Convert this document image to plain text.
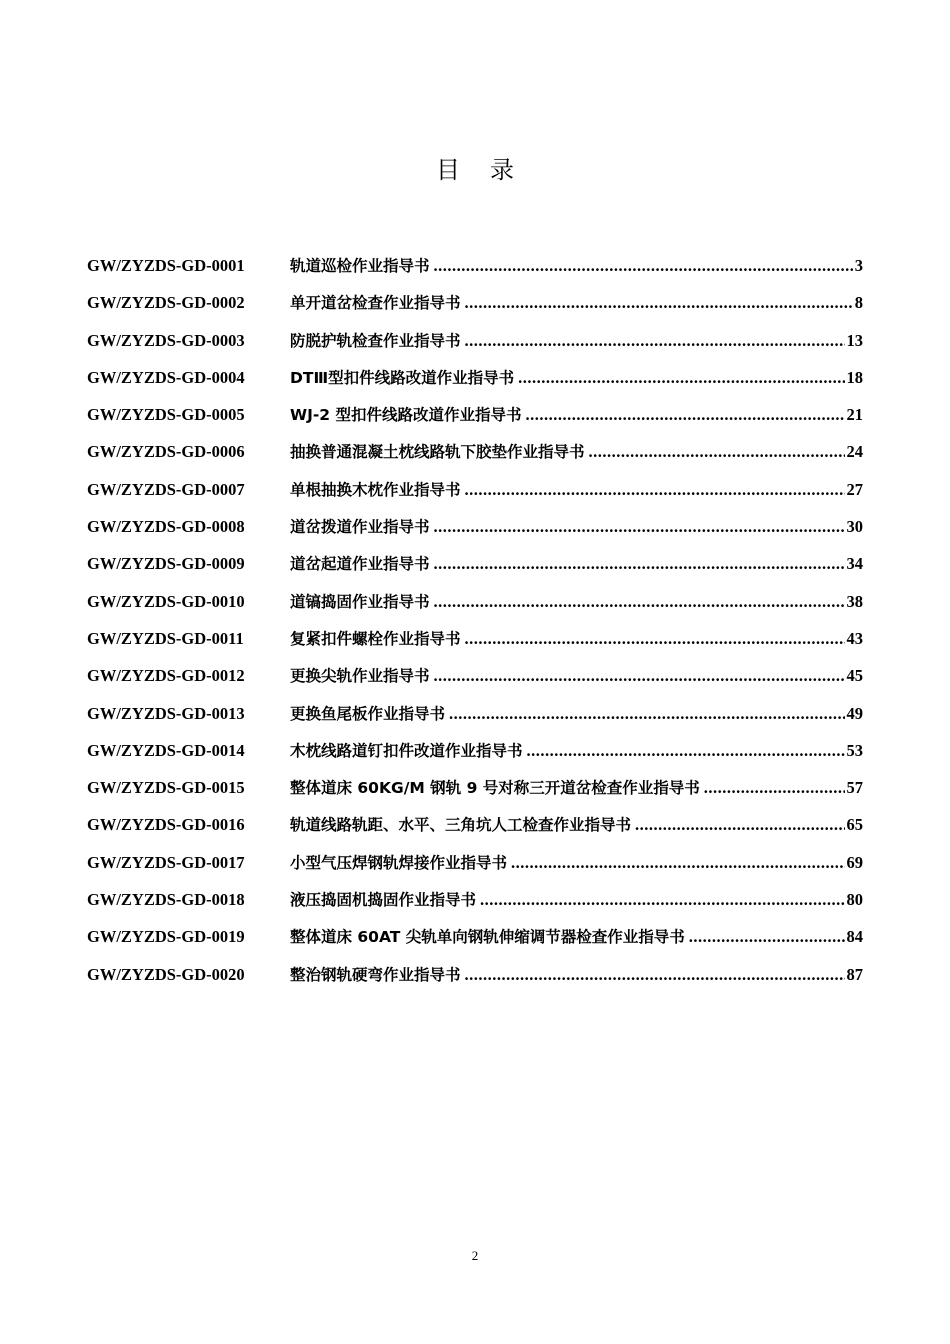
目 录
GW/ZYZDS-GD-0001	轨道巡检作业指导书 .....	3
GW/ZYZDS-GD-0002	单开道岔检查作业指导书 .....	8
GW/ZYZDS-GD-0003	防脱护轨检查作业指导书 .....	13
GW/ZYZDS-GD-0004	DTⅢ型扣件线路改道作业指导书 .....	18
GW/ZYZDS-GD-0005	WJ-2 型扣件线路改道作业指导书 .....	21
GW/ZYZDS-GD-0006	抽换普通混凝土枕线路轨下胶垫作业指导书 .....	24
GW/ZYZDS-GD-0007	单根抽换木枕作业指导书 .....	27
GW/ZYZDS-GD-0008	道岔拨道作业指导书 .....	30
GW/ZYZDS-GD-0009	道岔起道作业指导书 .....	34
GW/ZYZDS-GD-0010	道镐捣固作业指导书 .....	38
GW/ZYZDS-GD-0011	复紧扣件螺栓作业指导书 .....	43
GW/ZYZDS-GD-0012	更换尖轨作业指导书 .....	45
GW/ZYZDS-GD-0013	更换鱼尾板作业指导书 .....	49
GW/ZYZDS-GD-0014	木枕线路道钉扣件改道作业指导书 .....	53
GW/ZYZDS-GD-0015	整体道床 60KG/M 钢轨 9 号对称三开道岔检查作业指导书 .....	57
GW/ZYZDS-GD-0016	轨道线路轨距、水平、三角坑人工检查作业指导书 .....	65
GW/ZYZDS-GD-0017	小型气压焊钢轨焊接作业指导书 .....	69
GW/ZYZDS-GD-0018	液压捣固机捣固作业指导书 .....	80
GW/ZYZDS-GD-0019	整体道床 60AT 尖轨单向钢轨伸缩调节器检查作业指导书 .....	84
GW/ZYZDS-GD-0020	整治钢轨硬弯作业指导书 .....	87
2
